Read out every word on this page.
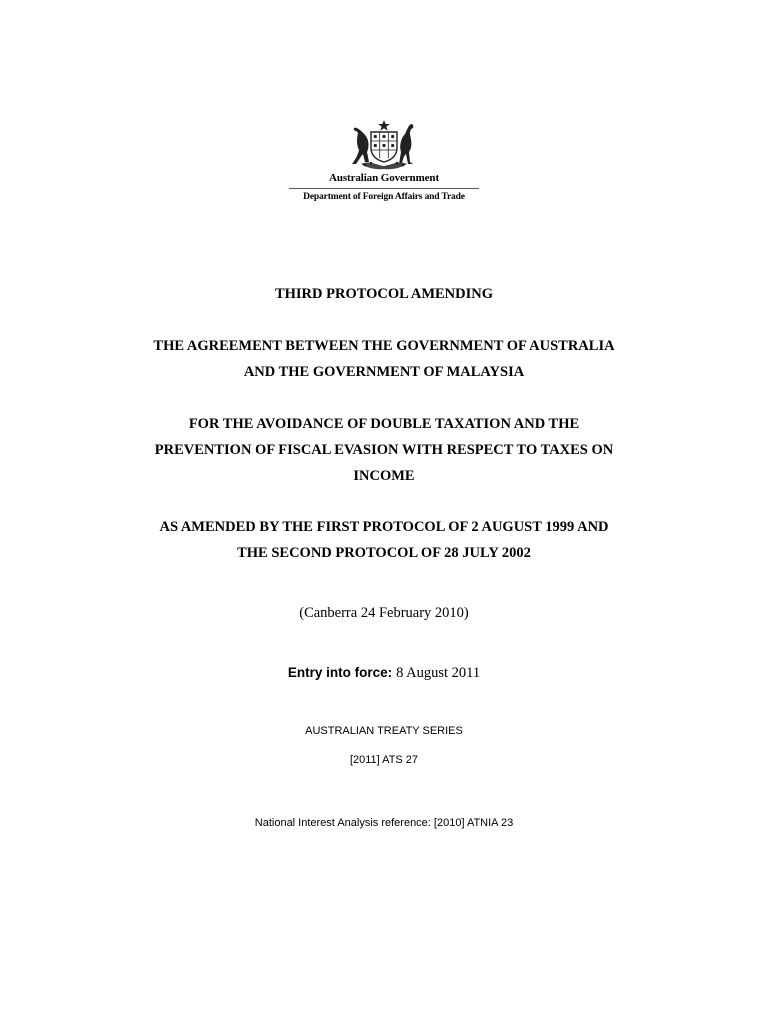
Australian Government
Department of Foreign Affairs and Trade

THIRD PROTOCOL AMENDING

THE AGREEMENT BETWEEN THE GOVERNMENT OF AUSTRALIA

AND THE GOVERNMENT OF MALAYSIA

FOR THE AVOIDANCE OF DOUBLE TAXATION AND THE

PREVENTION OF FISCAL EVASION WITH RESPECT TO TAXES ON

INCOME

AS AMENDED BY THE FIRST PROTOCOL OF 2 AUGUST 1999 AND

THE SECOND PROTOCOL OF 28 JULY 2002

(Canberra 24 February 2010)

Entry into force: 8 August 2011

AUSTRALIAN TREATY SERIES

[2011] ATS 27

National Interest Analysis reference: [2010] ATNIA 23
